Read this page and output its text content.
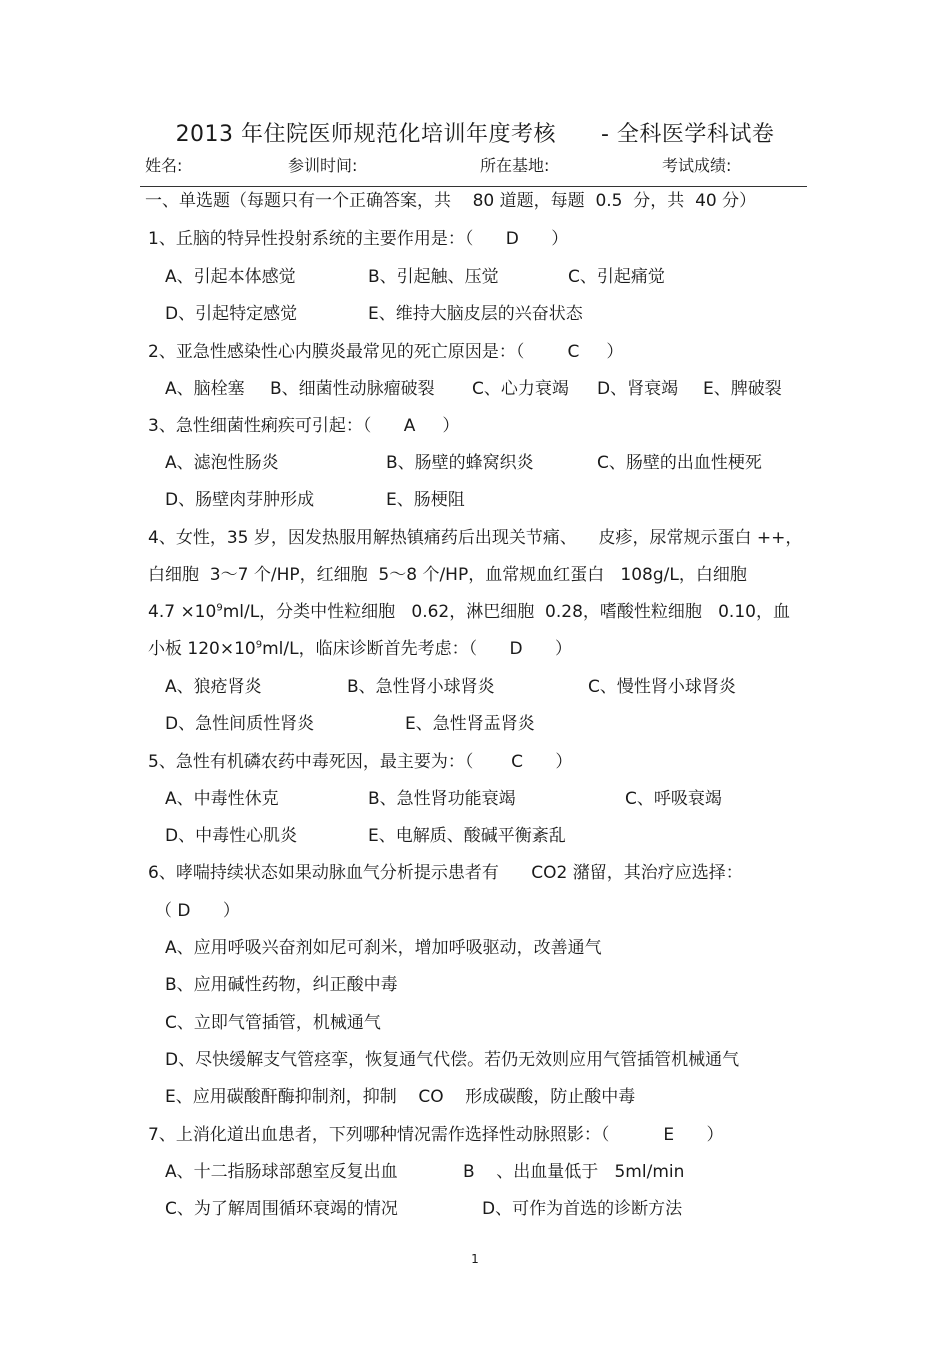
2013 年住院医师规范化培训年度考核      - 全科医学科试卷
姓名:	参训时间:	所在基地:	考试成绩:
一、单选题（每题只有一个正确答案，共    80 道题，每题  0.5  分，共  40 分）
1、丘脑的特异性投射系统的主要作用是：（      D      ）
A、引起本体感觉	B、引起触、压觉	C、引起痛觉
D、引起特定感觉	E、维持大脑皮层的兴奋状态
2、亚急性感染性心内膜炎最常见的死亡原因是：（        C     ）
A、脑栓塞 B、细菌性动脉瘤破裂 C、心力衰竭 D、肾衰竭 E、脾破裂
3、急性细菌性痢疾可引起：（      A     ）
A、滤泡性肠炎	B、肠壁的蜂窝织炎	C、肠壁的出血性梗死
D、肠壁肉芽肿形成	E、肠梗阻
4、女性，35 岁，因发热服用解热镇痛药后出现关节痛、    皮疹，尿常规示蛋白 ++，
白细胞  3～7 个/HP，红细胞  5～8 个/HP，血常规血红蛋白   108g/L，白细胞
$4.7 \times 10^9ml/L$，分类中性粒细胞   0.62，淋巴细胞  0.28，嗜酸性粒细胞   0.10，血
小板 $120\times 10^9ml/L$，临床诊断首先考虑：（      D      ）
A、狼疮肾炎	B、急性肾小球肾炎	C、慢性肾小球肾炎
D、急性间质性肾炎	E、急性肾盂肾炎
5、急性有机磷农药中毒死因，最主要为：（       C      ）
A、中毒性休克	B、急性肾功能衰竭	C、呼吸衰竭
D、中毒性心肌炎	E、电解质、酸碱平衡紊乱
6、哮喘持续状态如果动脉血气分析提示患者有      CO2 潴留，其治疗应选择：
（ D      ）
A、应用呼吸兴奋剂如尼可刹米，增加呼吸驱动，改善通气
B、应用碱性药物，纠正酸中毒
C、立即气管插管，机械通气
D、尽快缓解支气管痉挛，恢复通气代偿。若仍无效则应用气管插管机械通气
E、应用碳酸酐酶抑制剂，抑制    CO    形成碳酸，防止酸中毒
7、上消化道出血患者，下列哪种情况需作选择性动脉照影：（          E      ）
A、十二指肠球部憩室反复出血	B    、出血量低于   5ml/min
C、为了解周围循环衰竭的情况	D、可作为首选的诊断方法
1
